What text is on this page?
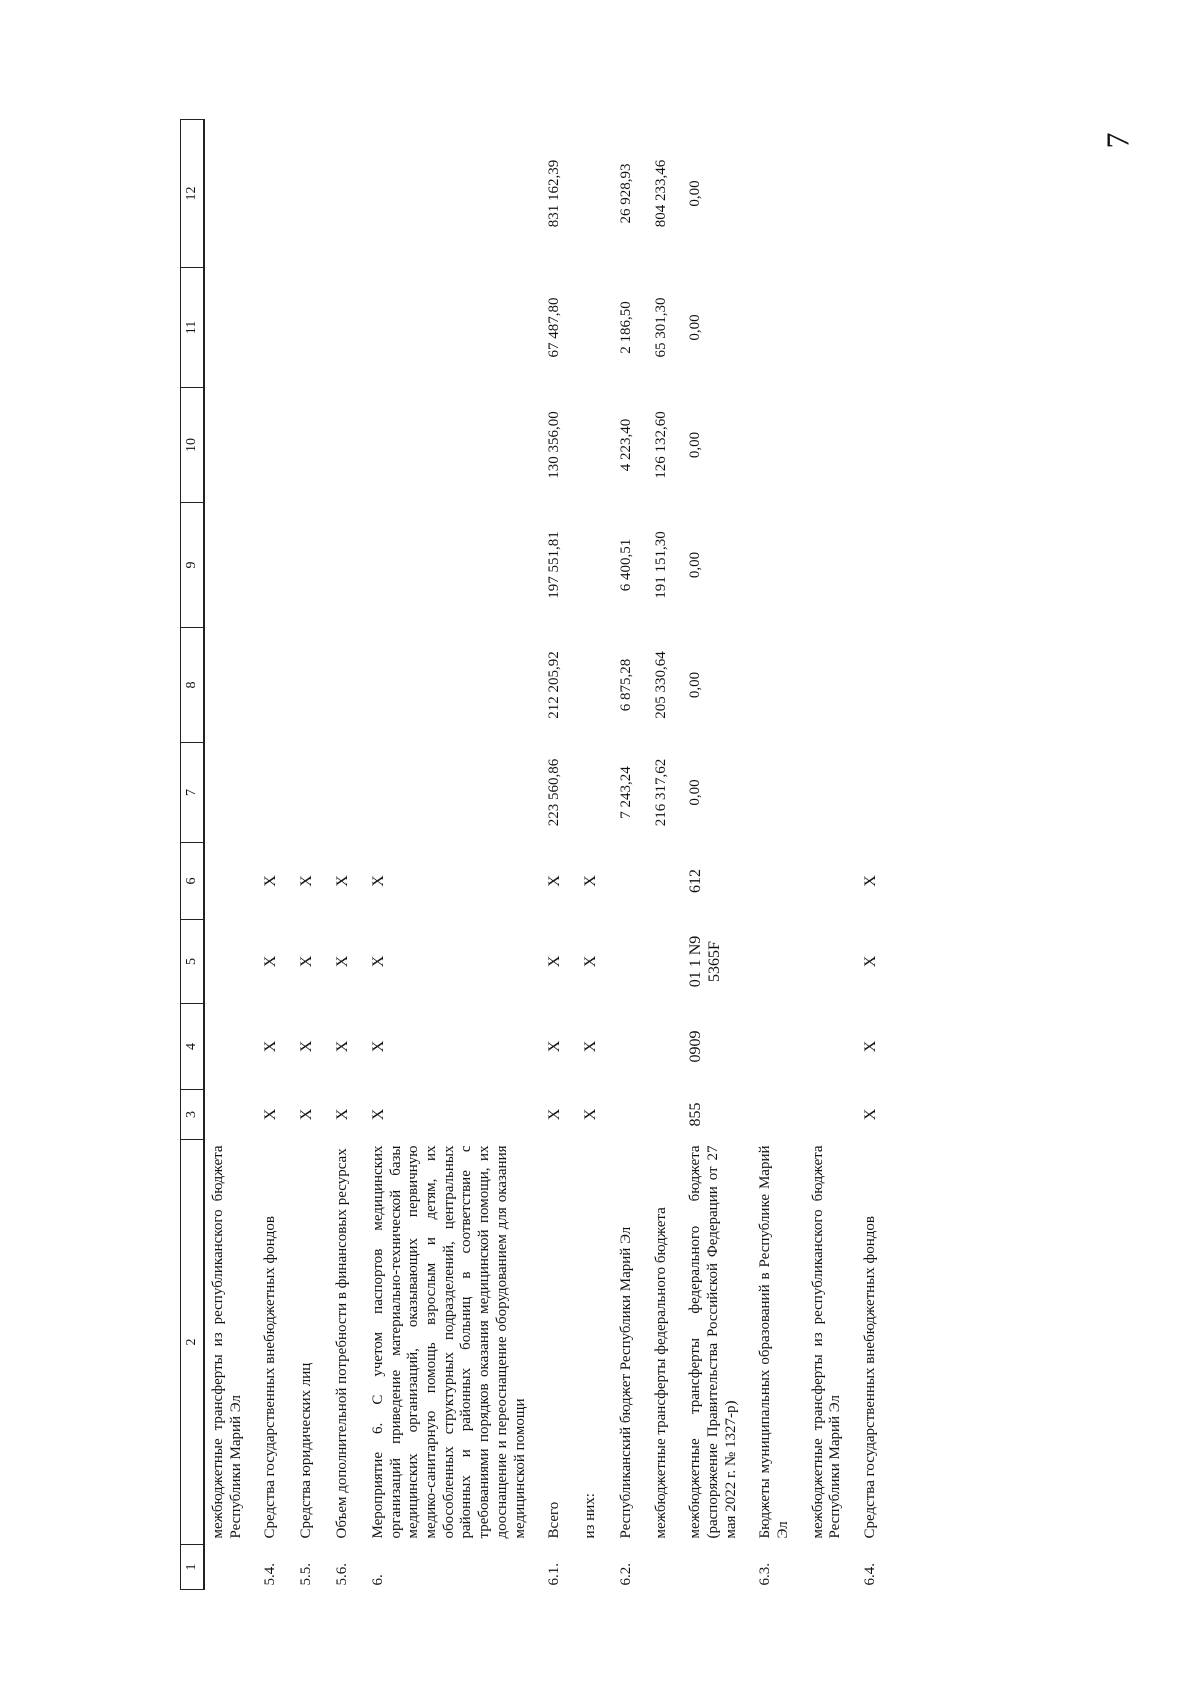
7
1	2	3	4	5	6	7	8	9	10	11	12
	межбюджетные трансферты из республиканского бюджета Республики Марий Эл										
5.4.	Средства государственных внебюджетных фондов	X	X	X	X						
5.5.	Средства юридических лиц	X	X	X	X						
5.6.	Объем дополнительной потребности в финансовых ресурсах	X	X	X	X						
6.	Мероприятие 6. С учетом паспортов медицинских организаций приведение материально-технической базы медицинских организаций, оказывающих первичную медико-санитарную помощь взрослым и детям, их обособленных структурных подразделений, центральных районных и районных больниц в соответствие с требованиями порядков оказания медицинской помощи, их дооснащение и переоснащение оборудованием для оказания медицинской помощи	X	X	X	X						
6.1.	Всего	X	X	X	X	223 560,86	212 205,92	197 551,81	130 356,00	67 487,80	831 162,39
	из них:	X	X	X	X						
6.2.	Республиканский бюджет Республики Марий Эл					7 243,24	6 875,28	6 400,51	4 223,40	2 186,50	26 928,93
	межбюджетные трансферты федерального бюджета					216 317,62	205 330,64	191 151,30	126 132,60	65 301,30	804 233,46
	межбюджетные трансферты федерального бюджета (распоряжение Правительства Российской Федерации от 27 мая 2022 г. № 1327-р)	855	0909	01 1 N9 5365F	612	0,00	0,00	0,00	0,00	0,00	0,00
6.3.	Бюджеты муниципальных образований в Республике Марий Эл										
	межбюджетные трансферты из республиканского бюджета Республики Марий Эл										
6.4.	Средства государственных внебюджетных фондов	X	X	X	X						
